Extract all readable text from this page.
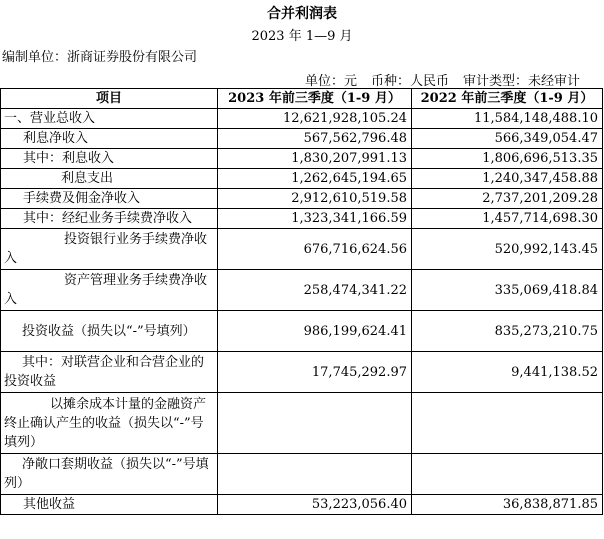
合并利润表
2023 年 1—9 月
编制单位：浙商证券股份有限公司
单位：元 币种：人民币 审计类型：未经审计
项目	2023 年前三季度（1-9 月）	2022 年前三季度（1-9 月）
一、营业总收入	12,621,928,105.24	11,584,148,488.10
利息净收入	567,562,796.48	566,349,054.47
其中：利息收入	1,830,207,991.13	1,806,696,513.35
利息支出	1,262,645,194.65	1,240,347,458.88
手续费及佣金净收入	2,912,610,519.58	2,737,201,209.28
其中：经纪业务手续费净收入	1,323,341,166.59	1,457,714,698.30
投资银行业务手续费净收入	676,716,624.56	520,992,143.45
资产管理业务手续费净收入	258,474,341.22	335,069,418.84
投资收益（损失以“-”号填列）	986,199,624.41	835,273,210.75
其中：对联营企业和合营企业的投资收益	17,745,292.97	9,441,138.52
以摊余成本计量的金融资产终止确认产生的收益（损失以“-”号填列）		
净敞口套期收益（损失以“-”号填列）		
其他收益	53,223,056.40	36,838,871.85
